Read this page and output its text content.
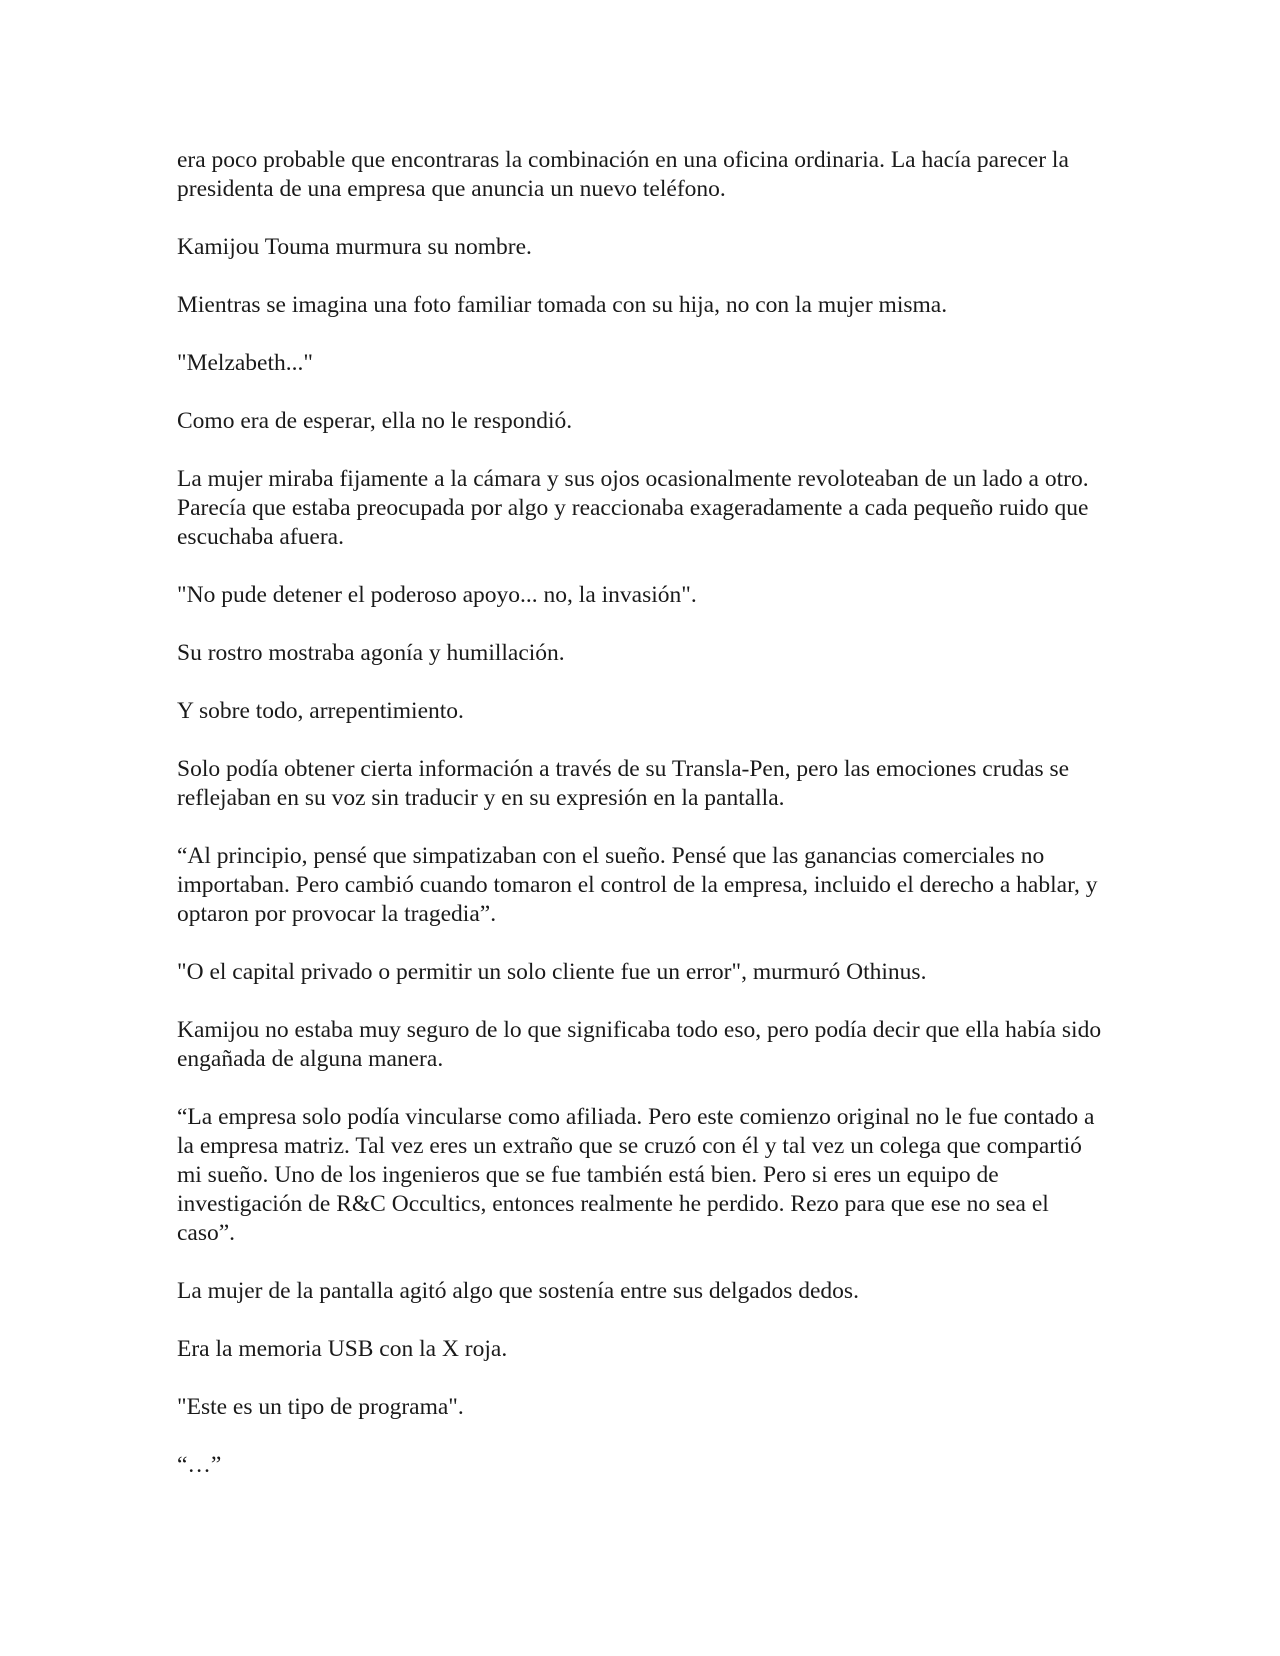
era poco probable que encontraras la combinación en una oficina ordinaria. La hacía parecer la presidenta de una empresa que anuncia un nuevo teléfono.

Kamijou Touma murmura su nombre.

Mientras se imagina una foto familiar tomada con su hija, no con la mujer misma.

"Melzabeth..."

Como era de esperar, ella no le respondió.

La mujer miraba fijamente a la cámara y sus ojos ocasionalmente revoloteaban de un lado a otro. Parecía que estaba preocupada por algo y reaccionaba exageradamente a cada pequeño ruido que escuchaba afuera.

"No pude detener el poderoso apoyo... no, la invasión".

Su rostro mostraba agonía y humillación.

Y sobre todo, arrepentimiento.

Solo podía obtener cierta información a través de su Transla-Pen, pero las emociones crudas se reflejaban en su voz sin traducir y en su expresión en la pantalla.

“Al principio, pensé que simpatizaban con el sueño. Pensé que las ganancias comerciales no importaban. Pero cambió cuando tomaron el control de la empresa, incluido el derecho a hablar, y optaron por provocar la tragedia”.

"O el capital privado o permitir un solo cliente fue un error", murmuró Othinus.

Kamijou no estaba muy seguro de lo que significaba todo eso, pero podía decir que ella había sido engañada de alguna manera.

“La empresa solo podía vincularse como afiliada. Pero este comienzo original no le fue contado a la empresa matriz. Tal vez eres un extraño que se cruzó con él y tal vez un colega que compartió mi sueño. Uno de los ingenieros que se fue también está bien. Pero si eres un equipo de investigación de R&C Occultics, entonces realmente he perdido. Rezo para que ese no sea el caso”.

La mujer de la pantalla agitó algo que sostenía entre sus delgados dedos.

Era la memoria USB con la X roja.

"Este es un tipo de programa".

“…”
